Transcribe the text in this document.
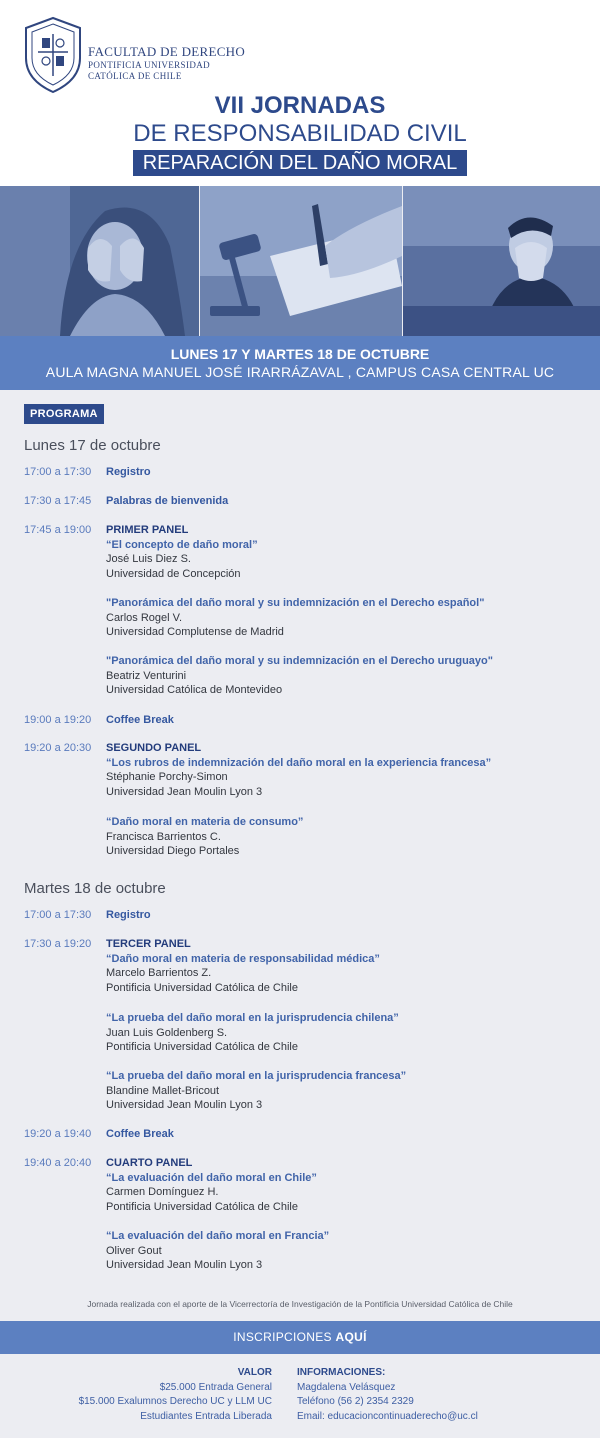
FACULTAD DE DERECHO
PONTIFICIA UNIVERSIDAD
CATÓLICA DE CHILE
VII JORNADAS
DE RESPONSABILIDAD CIVIL
REPARACIÓN DEL DAÑO MORAL
LUNES 17 Y MARTES 18 DE OCTUBRE
AULA MAGNA MANUEL JOSÉ IRARRÁZAVAL , CAMPUS CASA CENTRAL UC
PROGRAMA
Lunes 17 de octubre
17:00 a 17:30	Registro
17:30 a 17:45	Palabras de bienvenida
17:45 a 19:00	PRIMER PANEL
“El concepto de daño moral”
José Luis Diez S.
Universidad de Concepción
"Panorámica del daño moral y su indemnización en el Derecho español"
Carlos Rogel V.
Universidad Complutense de Madrid
"Panorámica del daño moral y su indemnización en el Derecho uruguayo"
Beatriz Venturini
Universidad Católica de Montevideo
19:00 a 19:20	Coffee Break
19:20 a 20:30	SEGUNDO PANEL
“Los rubros de indemnización del daño moral en la experiencia francesa”
Stéphanie Porchy-Simon
Universidad Jean Moulin Lyon 3
“Daño moral en materia de consumo”
Francisca Barrientos C.
Universidad Diego Portales
Martes 18 de octubre
17:00 a 17:30	Registro
17:30 a 19:20	TERCER PANEL
“Daño moral en materia de responsabilidad médica”
Marcelo Barrientos Z.
Pontificia Universidad Católica de Chile
“La prueba del daño moral en la jurisprudencia chilena”
Juan Luis Goldenberg S.
Pontificia Universidad Católica de Chile
“La prueba del daño moral en la jurisprudencia francesa”
Blandine Mallet-Bricout
Universidad Jean Moulin Lyon 3
19:20 a 19:40	Coffee Break
19:40 a 20:40	CUARTO PANEL
“La evaluación del daño moral en Chile”
Carmen Domínguez H.
Pontificia Universidad Católica de Chile
“La evaluación del daño moral en Francia”
Oliver Gout
Universidad Jean Moulin Lyon 3
Jornada realizada con el aporte de la Vicerrectoría de Investigación de la Pontificia Universidad Católica de Chile
INSCRIPCIONES AQUÍ
VALOR
$25.000 Entrada General
$15.000 Exalumnos Derecho UC y LLM UC
Estudiantes Entrada Liberada
INFORMACIONES:
Magdalena Velásquez
Teléfono (56 2) 2354 2329
Email: educacioncontinuaderecho@uc.cl
